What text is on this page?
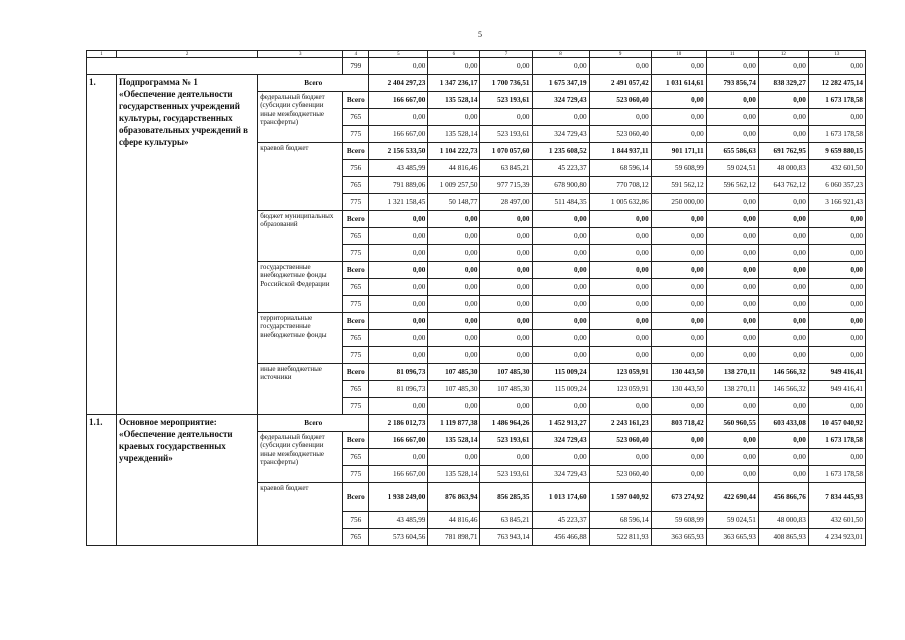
5
1	2	3	4	5	6	7	8	9	10	11	12	13
			799	0,00	0,00	0,00	0,00	0,00	0,00	0,00	0,00	0,00
1.	Подпрограмма № 1 «Обеспечение деятельности государственных учреждений культуры, государственных образовательных учреждений в сфере культуры»	Всего		2 404 297,23	1 347 236,17	1 700 736,51	1 675 347,19	2 491 057,42	1 031 614,61	793 856,74	838 329,27	12 282 475,14
		федеральный бюджет (субсидии субвенции иные межбюджетные трансферты)	Всего	166 667,00	135 528,14	523 193,61	324 729,43	523 060,40	0,00	0,00	0,00	1 673 178,58
			765	0,00	0,00	0,00	0,00	0,00	0,00	0,00	0,00	0,00
			775	166 667,00	135 528,14	523 193,61	324 729,43	523 060,40	0,00	0,00	0,00	1 673 178,58
		краевой бюджет	Всего	2 156 533,50	1 104 222,73	1 070 057,60	1 235 608,52	1 844 937,11	901 171,11	655 586,63	691 762,95	9 659 880,15
			756	43 485,99	44 816,46	63 845,21	45 223,37	68 596,14	59 608,99	59 024,51	48 000,83	432 601,50
			765	791 889,06	1 009 257,50	977 715,39	678 900,80	770 708,12	591 562,12	596 562,12	643 762,12	6 060 357,23
			775	1 321 158,45	50 148,77	28 497,00	511 484,35	1 005 632,86	250 000,00	0,00	0,00	3 166 921,43
		бюджет муниципальных образований	Всего	0,00	0,00	0,00	0,00	0,00	0,00	0,00	0,00	0,00
			765	0,00	0,00	0,00	0,00	0,00	0,00	0,00	0,00	0,00
			775	0,00	0,00	0,00	0,00	0,00	0,00	0,00	0,00	0,00
		государственные внебюджетные фонды Российской Федерации	Всего	0,00	0,00	0,00	0,00	0,00	0,00	0,00	0,00	0,00
			765	0,00	0,00	0,00	0,00	0,00	0,00	0,00	0,00	0,00
			775	0,00	0,00	0,00	0,00	0,00	0,00	0,00	0,00	0,00
		территориальные государственные внебюджетные фонды	Всего	0,00	0,00	0,00	0,00	0,00	0,00	0,00	0,00	0,00
			765	0,00	0,00	0,00	0,00	0,00	0,00	0,00	0,00	0,00
			775	0,00	0,00	0,00	0,00	0,00	0,00	0,00	0,00	0,00
		иные внебюджетные источники	Всего	81 096,73	107 485,30	107 485,30	115 009,24	123 059,91	130 443,50	138 270,11	146 566,32	949 416,41
			765	81 096,73	107 485,30	107 485,30	115 009,24	123 059,91	130 443,50	138 270,11	146 566,32	949 416,41
			775	0,00	0,00	0,00	0,00	0,00	0,00	0,00	0,00	0,00
1.1.	Основное мероприятие: «Обеспечение деятельности краевых государственных учреждений»	Всего		2 186 012,73	1 119 877,38	1 486 964,26	1 452 913,27	2 243 161,23	803 718,42	560 960,55	603 433,08	10 457 040,92
		федеральный бюджет (субсидии субвенции иные межбюджетные трансферты)	Всего	166 667,00	135 528,14	523 193,61	324 729,43	523 060,40	0,00	0,00	0,00	1 673 178,58
			765	0,00	0,00	0,00	0,00	0,00	0,00	0,00	0,00	0,00
			775	166 667,00	135 528,14	523 193,61	324 729,43	523 060,40	0,00	0,00	0,00	1 673 178,58
		краевой бюджет	Всего	1 938 249,00	876 863,94	856 285,35	1 013 174,60	1 597 040,92	673 274,92	422 690,44	456 866,76	7 834 445,93
			756	43 485,99	44 816,46	63 845,21	45 223,37	68 596,14	59 608,99	59 024,51	48 000,83	432 601,50
			765	573 604,56	781 898,71	763 943,14	456 466,88	522 811,93	363 665,93	363 665,93	408 865,93	4 234 923,01
